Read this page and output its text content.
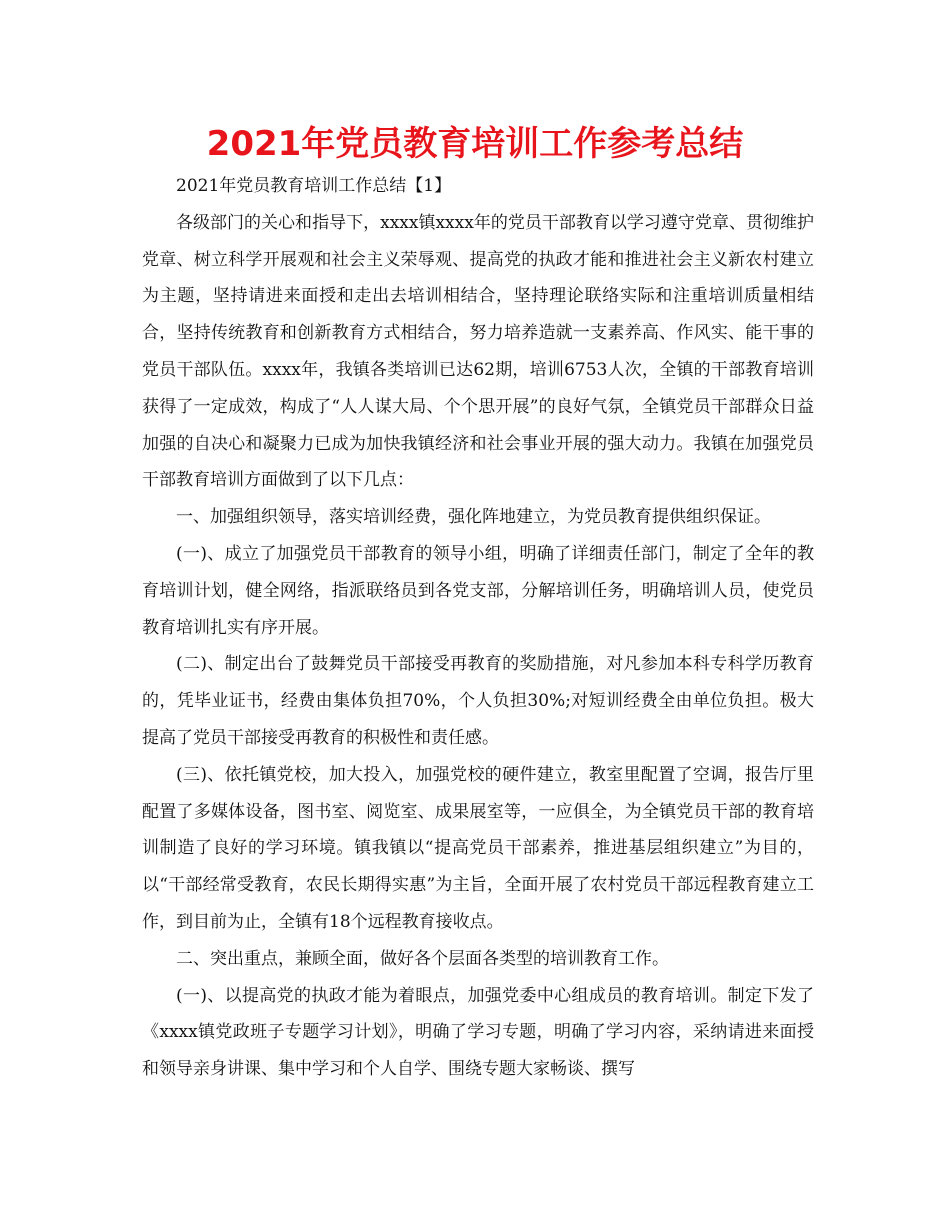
2021年党员教育培训工作参考总结

2021年党员教育培训工作总结【1】

各级部门的关心和指导下，xxxx镇xxxx年的党员干部教育以学习遵守党章、贯彻维护党章、树立科学开展观和社会主义荣辱观、提高党的执政才能和推进社会主义新农村建立为主题，坚持请进来面授和走出去培训相结合，坚持理论联络实际和注重培训质量相结合，坚持传统教育和创新教育方式相结合，努力培养造就一支素养高、作风实、能干事的党员干部队伍。xxxx年，我镇各类培训已达62期，培训6753人次，全镇的干部教育培训获得了一定成效，构成了“人人谋大局、个个思开展”的良好气氛，全镇党员干部群众日益加强的自决心和凝聚力已成为加快我镇经济和社会事业开展的强大动力。我镇在加强党员干部教育培训方面做到了以下几点：

一、加强组织领导，落实培训经费，强化阵地建立，为党员教育提供组织保证。

(一)、成立了加强党员干部教育的领导小组，明确了详细责任部门，制定了全年的教育培训计划，健全网络，指派联络员到各党支部，分解培训任务，明确培训人员，使党员教育培训扎实有序开展。

(二)、制定出台了鼓舞党员干部接受再教育的奖励措施，对凡参加本科专科学历教育的，凭毕业证书，经费由集体负担70%，个人负担30%;对短训经费全由单位负担。极大提高了党员干部接受再教育的积极性和责任感。

(三)、依托镇党校，加大投入，加强党校的硬件建立，教室里配置了空调，报告厅里配置了多媒体设备，图书室、阅览室、成果展室等，一应俱全，为全镇党员干部的教育培训制造了良好的学习环境。镇我镇以“提高党员干部素养，推进基层组织建立”为目的，以“干部经常受教育，农民长期得实惠”为主旨，全面开展了农村党员干部远程教育建立工作，到目前为止，全镇有18个远程教育接收点。

二、突出重点，兼顾全面，做好各个层面各类型的培训教育工作。

(一)、以提高党的执政才能为着眼点，加强党委中心组成员的教育培训。制定下发了《xxxx镇党政班子专题学习计划》，明确了学习专题，明确了学习内容，采纳请进来面授和领导亲身讲课、集中学习和个人自学、围绕专题大家畅谈、撰写
